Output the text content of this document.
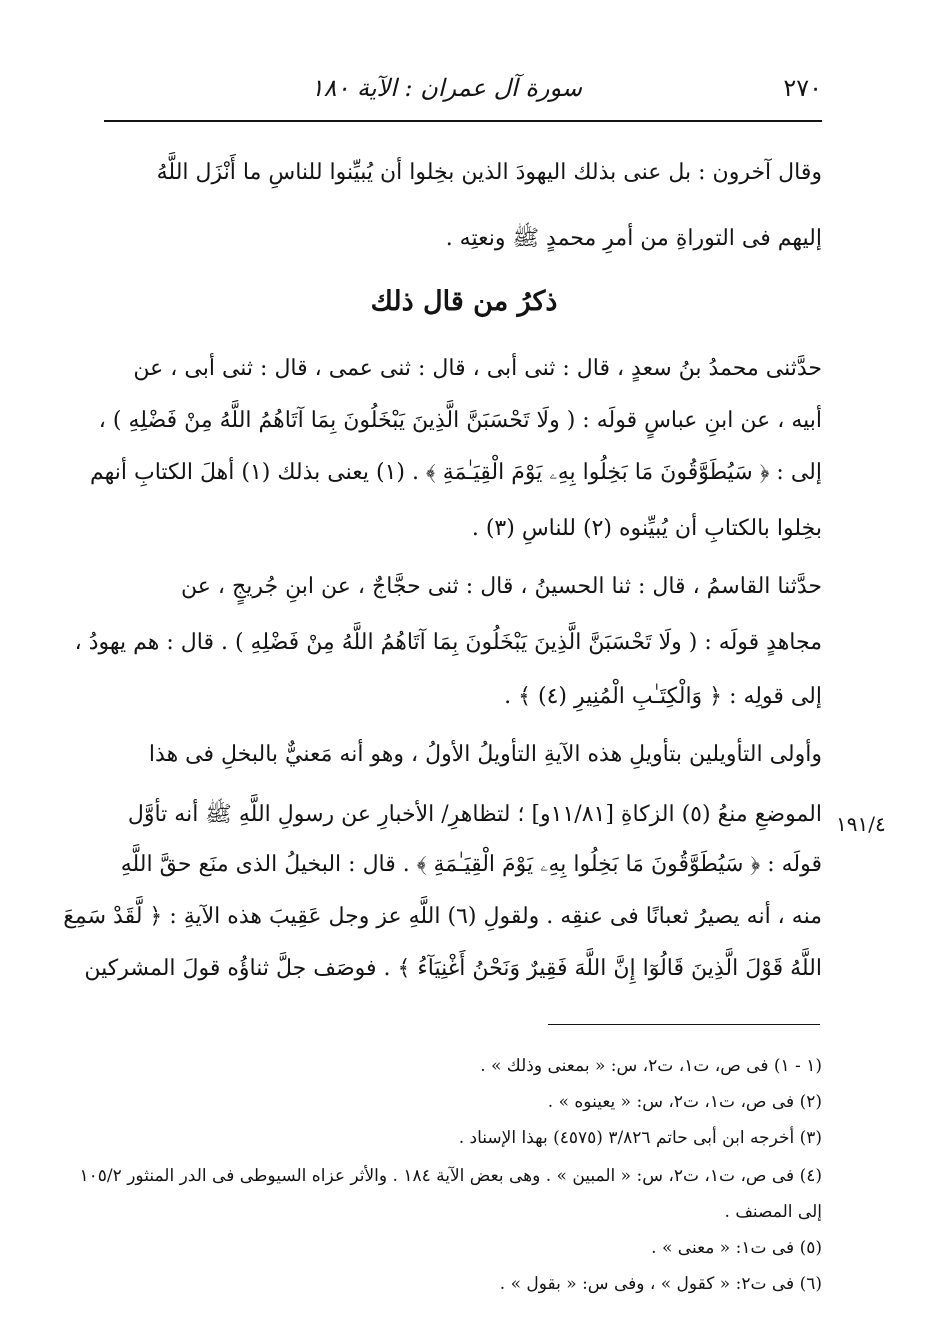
٢٧٠
سورة آل عمران : الآية ١٨٠
وقال آخرون : بل عنى بذلك اليهودَ الذين بخِلوا أن يُبيِّنوا للناسِ ما أَنْزَل اللَّهُ
إليهم فى التوراةِ من أمرِ محمدٍ ﷺ ونعتِه .
ذكرُ من قال ذلك
حدَّثنى محمدُ بنُ سعدٍ ، قال : ثنى أبى ، قال : ثنى عمى ، قال : ثنى أبى ، عن
أبيه ، عن ابنِ عباسٍ قولَه : ( ولَا تَحْسَبَنَّ الَّذِينَ يَبْخَلُونَ بِمَا آتَاهُمُ اللَّهُ مِنْ فَضْلِهِ ) ،
إلى : ﴿ سَيُطَوَّقُونَ مَا بَخِلُوا بِهِۦ يَوْمَ الْقِيَـٰمَةِ ﴾ . (١) يعنى بذلك (١) أهلَ الكتابِ أنهم
بخِلوا بالكتابِ أن يُبيِّنوه (٢) للناسِ (٣) .
حدَّثنا القاسمُ ، قال : ثنا الحسينُ ، قال : ثنى حجَّاجٌ ، عن ابنِ جُريجٍ ، عن
مجاهدٍ قولَه : ( ولَا تَحْسَبَنَّ الَّذِينَ يَبْخَلُونَ بِمَا آتَاهُمُ اللَّهُ مِنْ فَضْلِهِ ) . قال : هم يهودُ ،
إلى قولِه : ﴿ وَالْكِتَـٰبِ الْمُنِيرِ (٤) ﴾ .
وأولى التأويلين بتأويلِ هذه الآيةِ التأويلُ الأولُ ، وهو أنه مَعنيٌّ بالبخلِ فى هذا
الموضعِ منعُ (٥) الزكاةِ [١١/٨١و] ؛ لتظاهرِ/ الأخبارِ عن رسولِ اللَّهِ ﷺ أنه تأوَّل
قولَه : ﴿ سَيُطَوَّقُونَ مَا بَخِلُوا بِهِۦ يَوْمَ الْقِيَـٰمَةِ ﴾ . قال : البخيلُ الذى منَع حقَّ اللَّهِ
منه ، أنه يصيرُ ثعبانًا فى عنقِه . ولقولِ (٦) اللَّهِ عز وجل عَقِيبَ هذه الآيةِ : ﴿ لَّقَدْ سَمِعَ
اللَّهُ قَوْلَ الَّذِينَ قَالُوٓا إِنَّ اللَّهَ فَقِيرٌ وَنَحْنُ أَغْنِيَآءُ ﴾ . فوصَف جلَّ ثناؤُه قولَ المشركين
١٩١/٤
(١ - ١) فى ص، ت١، ت٢، س: « بمعنى وذلك » .
(٢) فى ص، ت١، ت٢، س: « يعينوه » .
(٣) أخرجه ابن أبى حاتم ٣/٨٢٦ (٤٥٧٥) بهذا الإسناد .
(٤) فى ص، ت١، ت٢، س: « المبين » . وهى بعض الآية ١٨٤ . والأثر عزاه السيوطى فى الدر المنثور ١٠٥/٢
إلى المصنف .
(٥) فى ت١: « معنى » .
(٦) فى ت٢: « كقول » ، وفى س: « بقول » .
